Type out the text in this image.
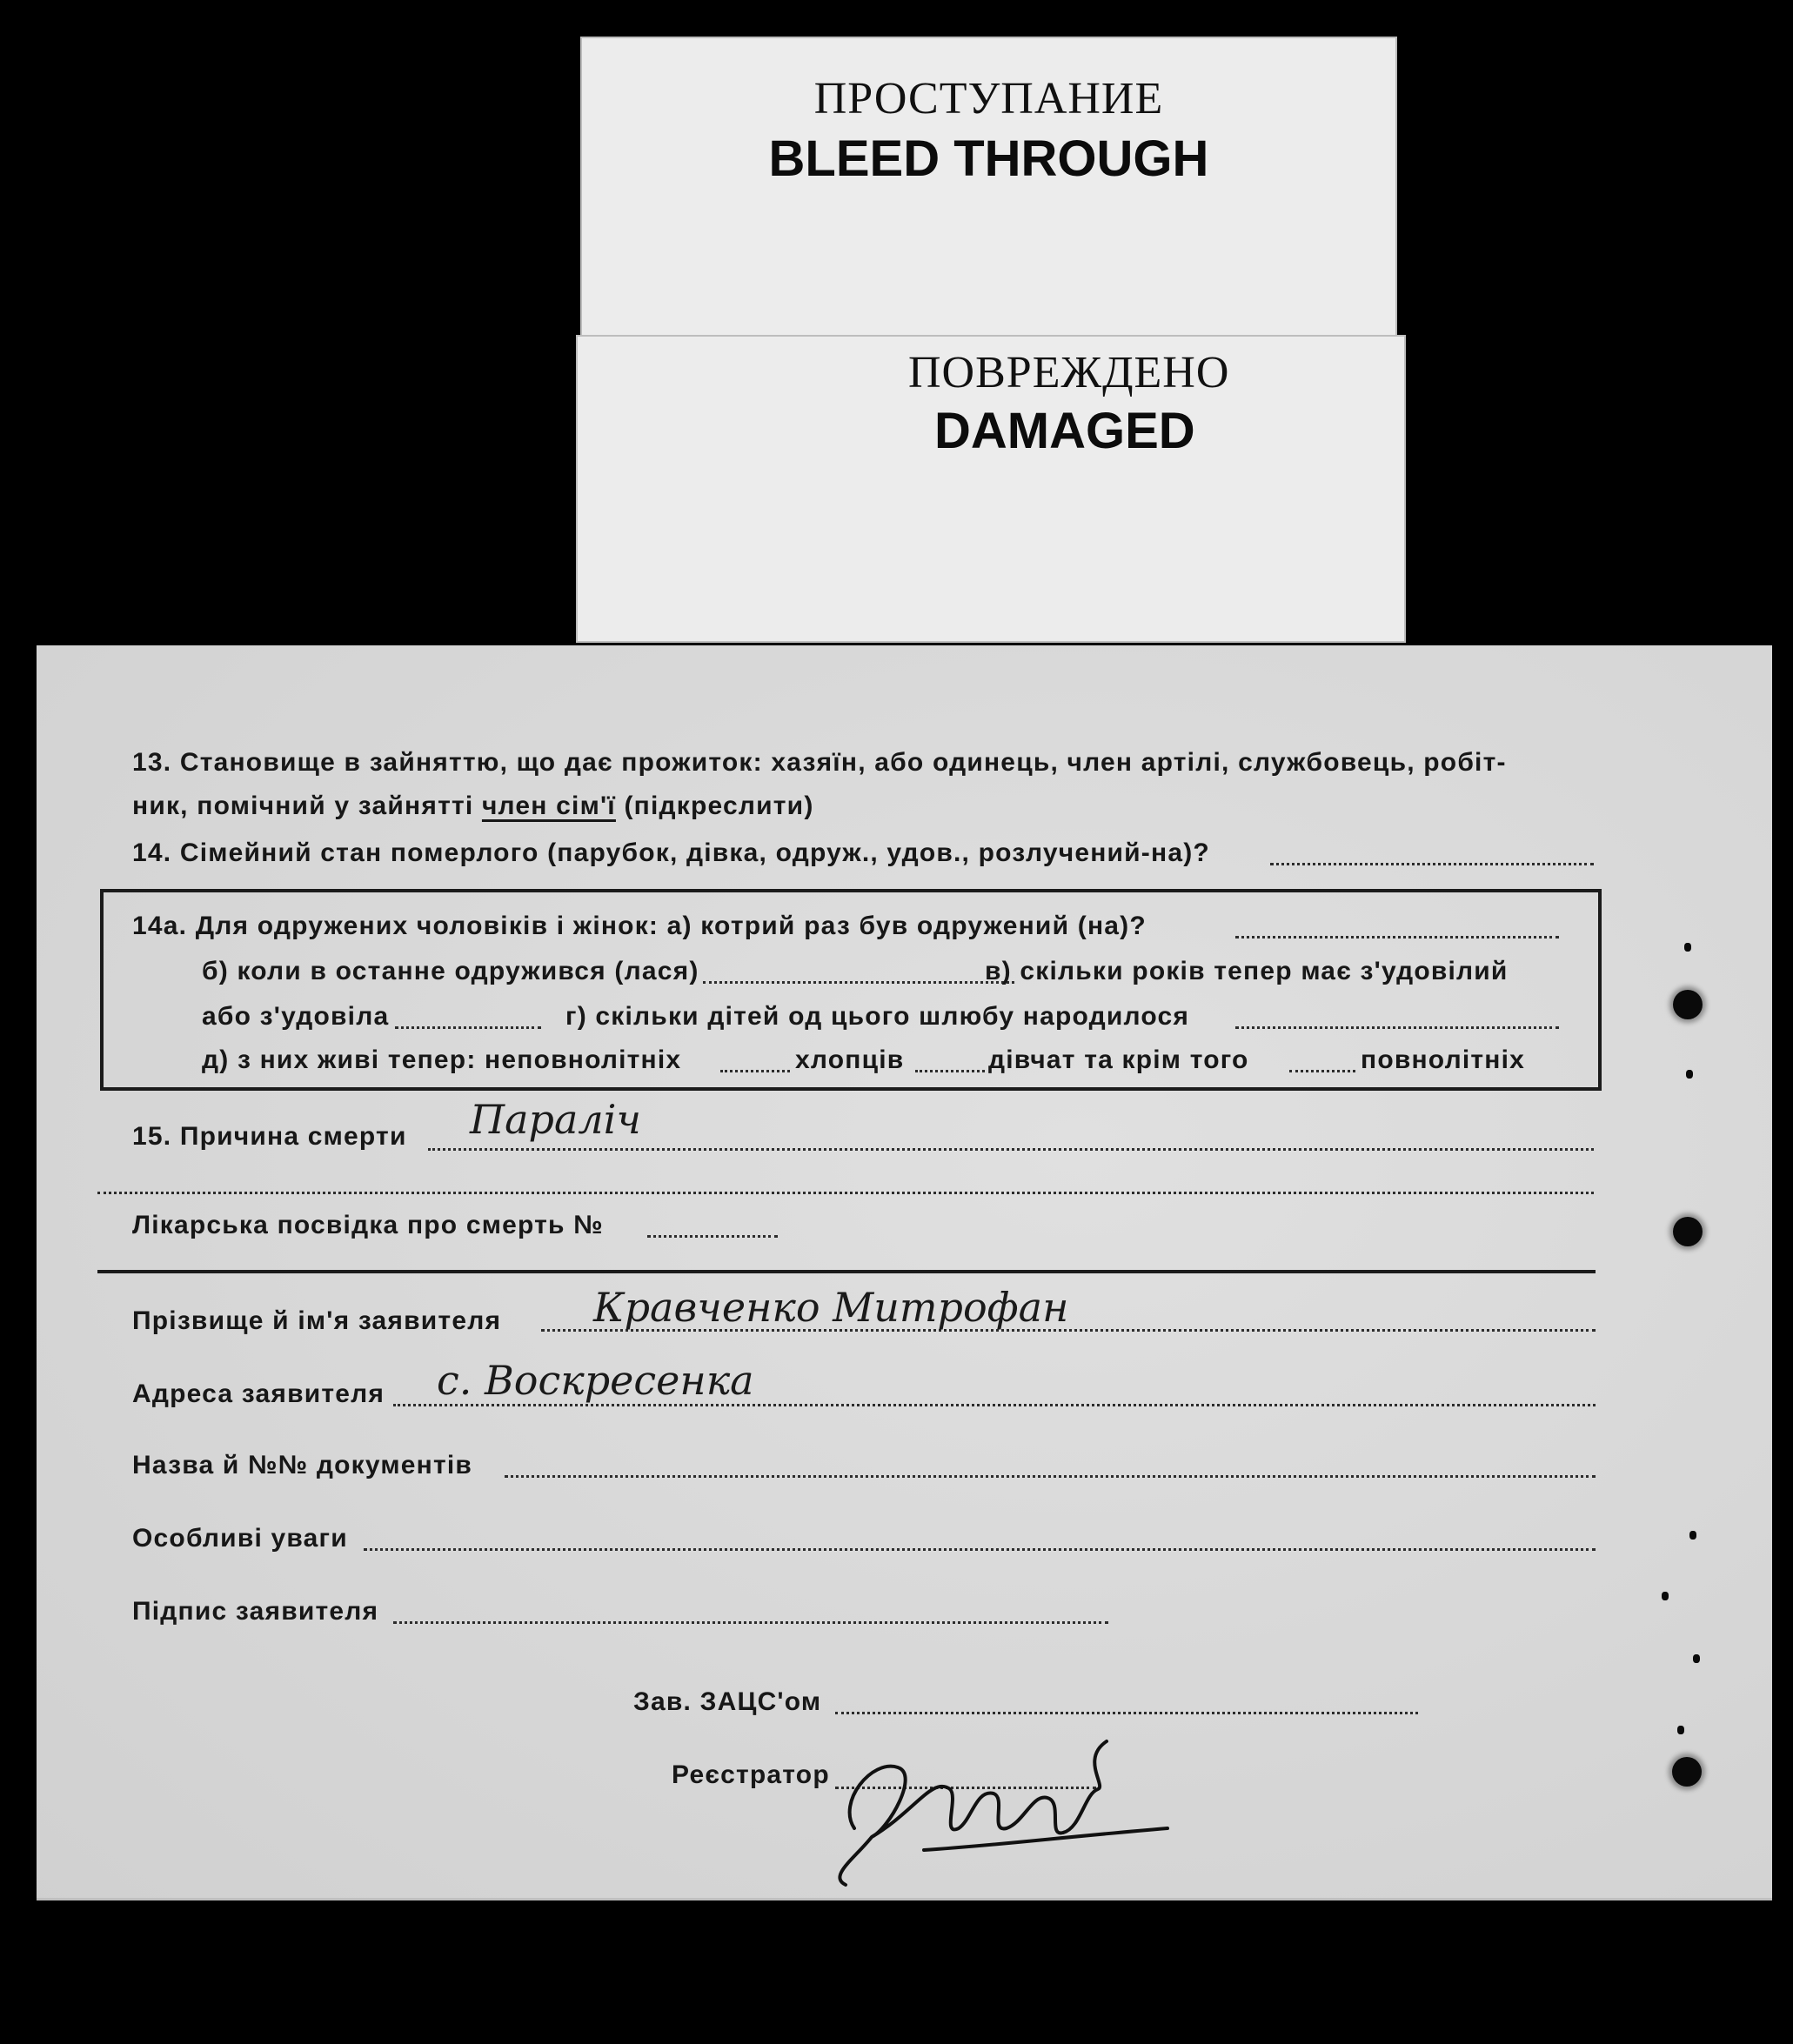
ПРОСТУПАНИЕ
BLEED THROUGH
ПОВРЕЖДЕНО
DAMAGED
13. Становище в зайняттю, що дає прожиток: хазяїн, або одинець, член артілі, службовець, робіт-
ник, помічний у зайнятті член сім'ї (підкреслити)
14. Сімейний стан померлого (парубок, дівка, одруж., удов., розлучений-на)?
14а. Для одружених чоловіків і жінок: а) котрий раз був одружений (на)?
б) коли в останне одружився (лася)	в) скільки років тепер має з'удовілий
або з'удовіла	г) скільки дітей од цього шлюбу народилося
д) з них живі тепер: неповнолітніх	хлопців	дівчат та крім того	повнолітніх
15. Причина смерти Параліч
Лікарська посвідка про смерть №
Прізвище й ім'я заявителя Кравченко Митрофан
Адреса заявителя с. Воскресенка
Назва й №№ документів
Особливі уваги
Підпис заявителя
Зав. ЗАЦС'ом
Реєстратор
